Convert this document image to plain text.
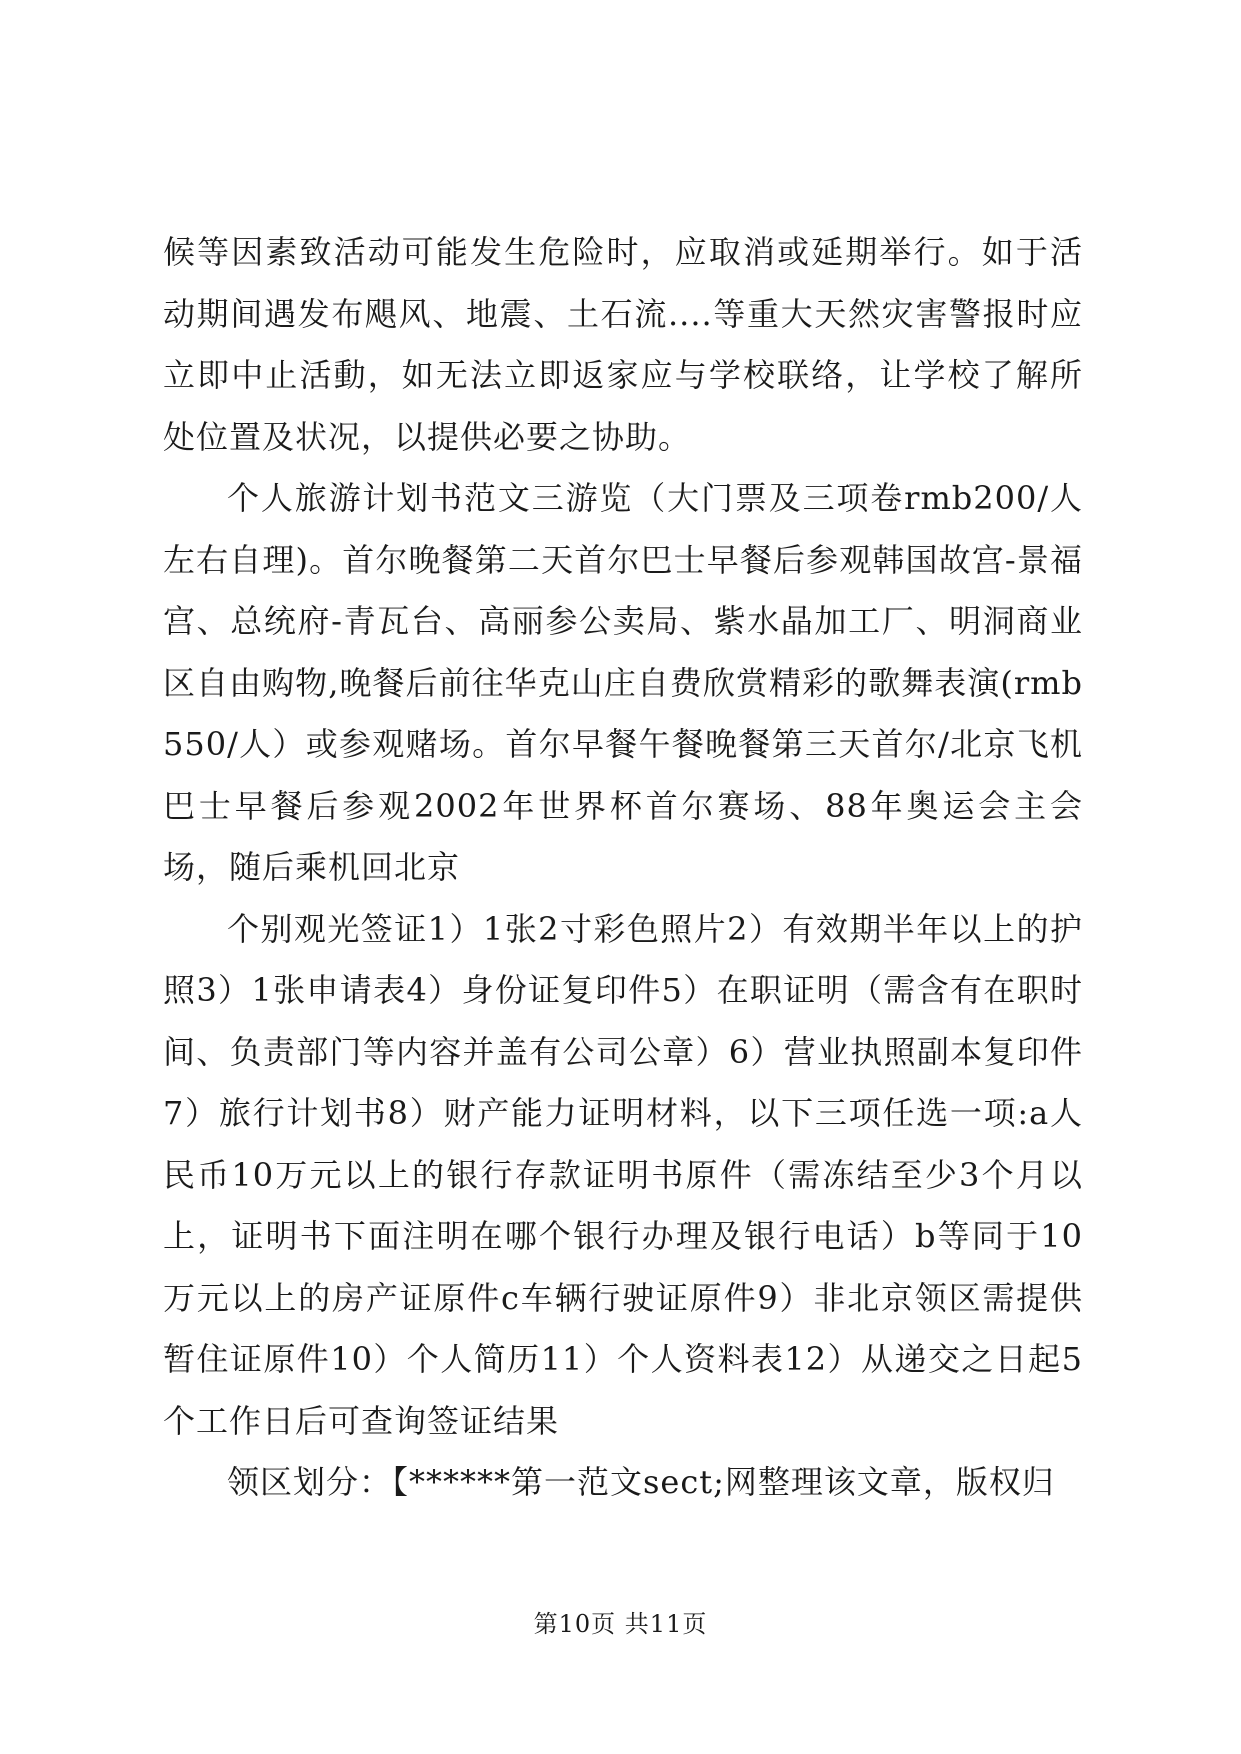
候等因素致活动可能发生危险时，应取消或延期举行。如于活动期间遇发布飓风、地震、土石流....等重大天然灾害警报时应立即中止活動，如无法立即返家应与学校联络，让学校了解所处位置及状况，以提供必要之协助。

个人旅游计划书范文三游览（大门票及三项卷rmb200/人左右自理)。首尔晚餐第二天首尔巴士早餐后参观韩国故宫-景福宫、总统府-青瓦台、高丽参公卖局、紫水晶加工厂、明洞商业区自由购物,晚餐后前往华克山庄自费欣赏精彩的歌舞表演(rmb550/人）或参观赌场。首尔早餐午餐晚餐第三天首尔/北京飞机巴士早餐后参观2002年世界杯首尔赛场、88年奥运会主会场，随后乘机回北京

个别观光签证1）1张2寸彩色照片2）有效期半年以上的护照3）1张申请表4）身份证复印件5）在职证明（需含有在职时间、负责部门等内容并盖有公司公章）6）营业执照副本复印件7）旅行计划书8）财产能力证明材料，以下三项任选一项:a人民币10万元以上的银行存款证明书原件（需冻结至少3个月以上，证明书下面注明在哪个银行办理及银行电话）b等同于10万元以上的房产证原件c车辆行驶证原件9）非北京领区需提供暂住证原件10）个人简历11）个人资料表12）从递交之日起5个工作日后可查询签证结果

领区划分：【******第一范文sect;网整理该文章，版权归

第10页 共11页
